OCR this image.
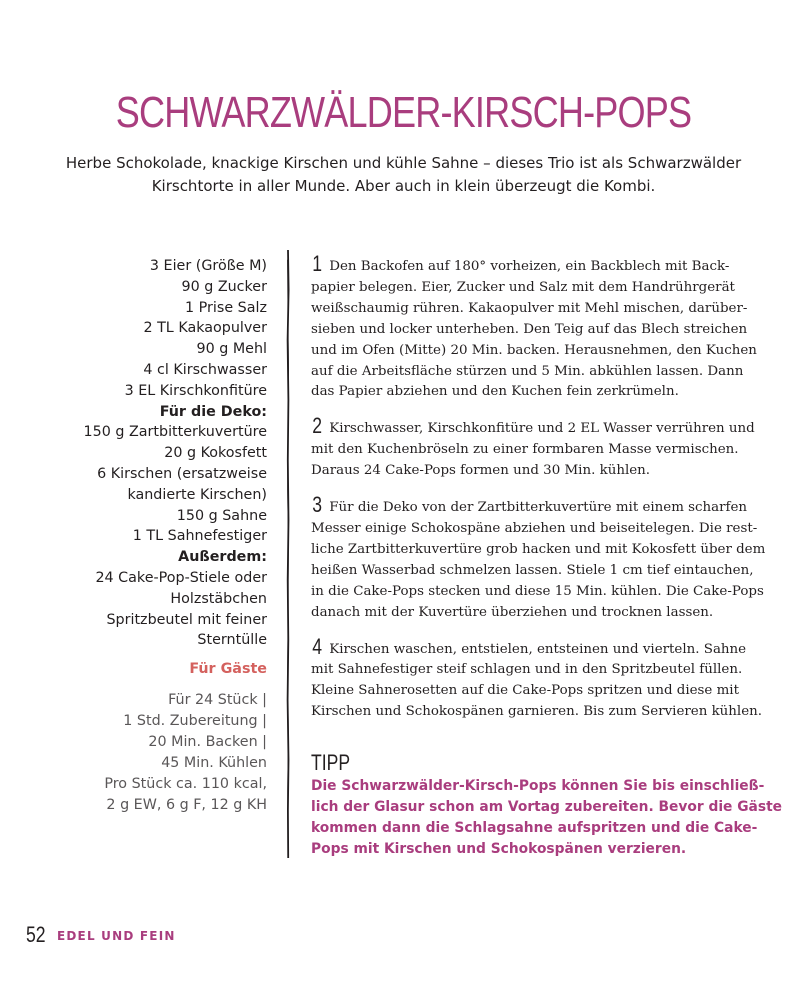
SCHWARZWÄLDER-KIRSCH-POPS
Herbe Schokolade, knackige Kirschen und kühle Sahne – dieses Trio ist als Schwarzwälder
Kirschtorte in aller Munde. Aber auch in klein überzeugt die Kombi.
3 Eier (Größe M)
90 g Zucker
1 Prise Salz
2 TL Kakaopulver
90 g Mehl
4 cl Kirschwasser
3 EL Kirschkonfitüre
Für die Deko:
150 g Zartbitterkuvertüre
20 g Kokosfett
6 Kirschen (ersatzweise
kandierte Kirschen)
150 g Sahne
1 TL Sahnefestiger
Außerdem:
24 Cake-Pop-Stiele oder
Holzstäbchen
Spritzbeutel mit feiner
Sterntülle
Für Gäste
Für 24 Stück |
1 Std. Zubereitung |
20 Min. Backen |
45 Min. Kühlen
Pro Stück ca. 110 kcal,
2 g EW, 6 g F, 12 g KH
1 Den Backofen auf 180° vorheizen, ein Backblech mit Back-
papier belegen. Eier, Zucker und Salz mit dem Handrührgerät
weißschaumig rühren. Kakaopulver mit Mehl mischen, darüber-
sieben und locker unterheben. Den Teig auf das Blech streichen
und im Ofen (Mitte) 20 Min. backen. Herausnehmen, den Kuchen
auf die Arbeitsfläche stürzen und 5 Min. abkühlen lassen. Dann
das Papier abziehen und den Kuchen fein zerkrümeln.
2 Kirschwasser, Kirschkonfitüre und 2 EL Wasser verrühren und
mit den Kuchenbröseln zu einer formbaren Masse vermischen.
Daraus 24 Cake-Pops formen und 30 Min. kühlen.
3 Für die Deko von der Zartbitterkuvertüre mit einem scharfen
Messer einige Schokospäne abziehen und beiseitelegen. Die rest-
liche Zartbitterkuvertüre grob hacken und mit Kokosfett über dem
heißen Wasserbad schmelzen lassen. Stiele 1 cm tief eintauchen,
in die Cake-Pops stecken und diese 15 Min. kühlen. Die Cake-Pops
danach mit der Kuvertüre überziehen und trocknen lassen.
4 Kirschen waschen, entstielen, entsteinen und vierteln. Sahne
mit Sahnefestiger steif schlagen und in den Spritzbeutel füllen.
Kleine Sahnerosetten auf die Cake-Pops spritzen und diese mit
Kirschen und Schokospänen garnieren. Bis zum Servieren kühlen.
TIPP
Die Schwarzwälder-Kirsch-Pops können Sie bis einschließ-
lich der Glasur schon am Vortag zubereiten. Bevor die Gäste
kommen dann die Schlagsahne aufspritzen und die Cake-
Pops mit Kirschen und Schokospänen verzieren.
52 EDEL UND FEIN
